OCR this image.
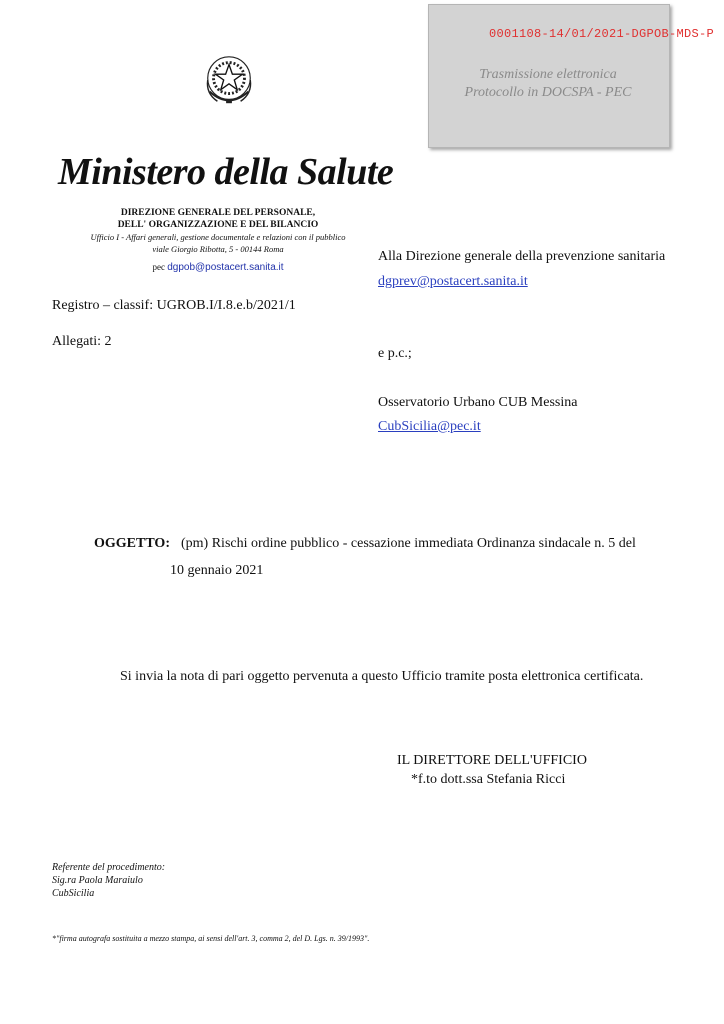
0001108-14/01/2021-DGPOB-MDS-P
Trasmissione elettronica
Protocollo in DOCSPA - PEC
Ministero della Salute
DIREZIONE GENERALE DEL PERSONALE,
DELL' ORGANIZZAZIONE E DEL BILANCIO
Ufficio I - Affari generali, gestione documentale e relazioni con il pubblico
viale Giorgio Ribotta, 5 - 00144 Roma
pec dgpob@postacert.sanita.it
Registro – classif: UGROB.I/I.8.e.b/2021/1
Allegati: 2
Alla Direzione generale della prevenzione sanitaria
dgprev@postacert.sanita.it
e p.c.;
Osservatorio Urbano CUB Messina
CubSicilia@pec.it
OGGETTO: (pm) Rischi ordine pubblico - cessazione immediata Ordinanza sindacale n. 5 del
10 gennaio 2021
Si invia la nota di pari oggetto pervenuta a questo Ufficio tramite posta elettronica certificata.
IL DIRETTORE DELL'UFFICIO
*f.to dott.ssa Stefania Ricci
Referente del procedimento:
Sig.ra Paola Maraiulo
CubSicilia
*"firma autografa sostituita a mezzo stampa, ai sensi dell'art. 3, comma 2, del D. Lgs. n. 39/1993".
